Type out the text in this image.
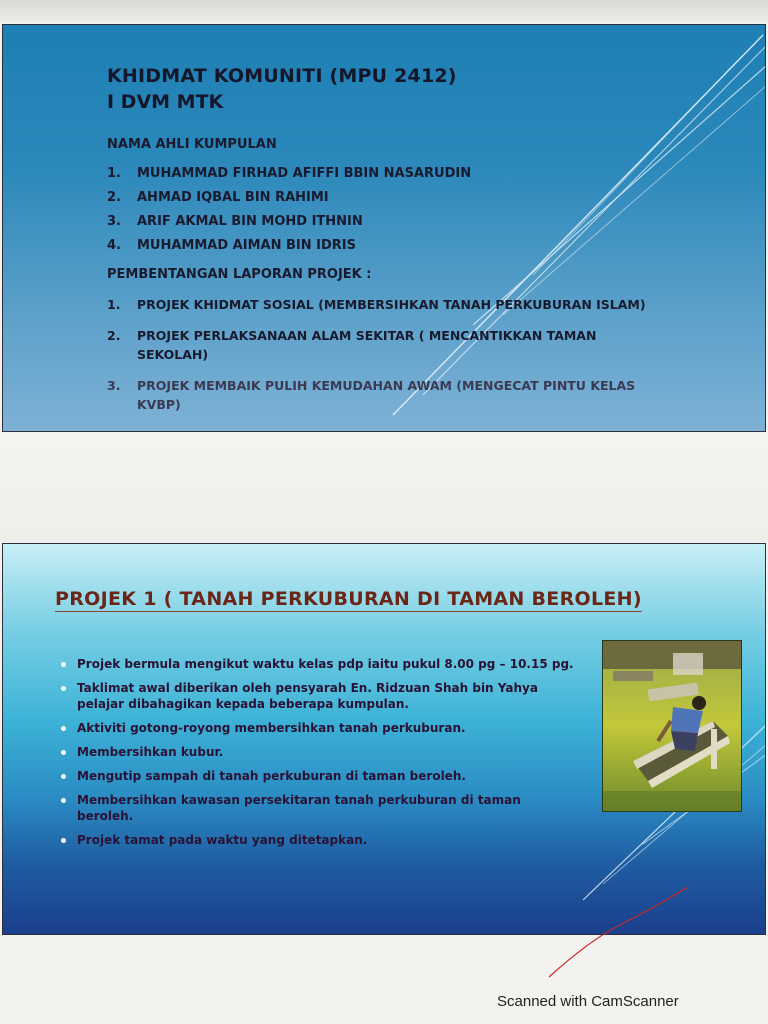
KHIDMAT KOMUNITI (MPU 2412)
I DVM MTK
NAMA AHLI KUMPULAN
1. MUHAMMAD FIRHAD AFIFFI BBIN NASARUDIN
2. AHMAD IQBAL BIN RAHIMI
3. ARIF AKMAL BIN MOHD ITHNIN
4. MUHAMMAD AIMAN BIN IDRIS
PEMBENTANGAN LAPORAN PROJEK :
1. PROJEK KHIDMAT SOSIAL (MEMBERSIHKAN TANAH PERKUBURAN ISLAM)
2. PROJEK PERLAKSANAAN ALAM SEKITAR ( MENCANTIKKAN TAMAN SEKOLAH)
3. PROJEK MEMBAIK PULIH KEMUDAHAN AWAM (MENGECAT PINTU KELAS KVBP)
PROJEK 1 ( TANAH PERKUBURAN DI TAMAN BEROLEH)
Projek bermula mengikut waktu kelas pdp iaitu pukul 8.00 pg – 10.15 pg.
Taklimat awal diberikan oleh pensyarah En. Ridzuan Shah bin Yahya pelajar dibahagikan kepada beberapa kumpulan.
Aktiviti gotong-royong membersihkan tanah perkuburan.
Membersihkan kubur.
Mengutip sampah di tanah perkuburan di taman beroleh.
Membersihkan kawasan persekitaran tanah perkuburan di taman beroleh.
Projek tamat pada waktu yang ditetapkan.
Scanned with CamScanner
